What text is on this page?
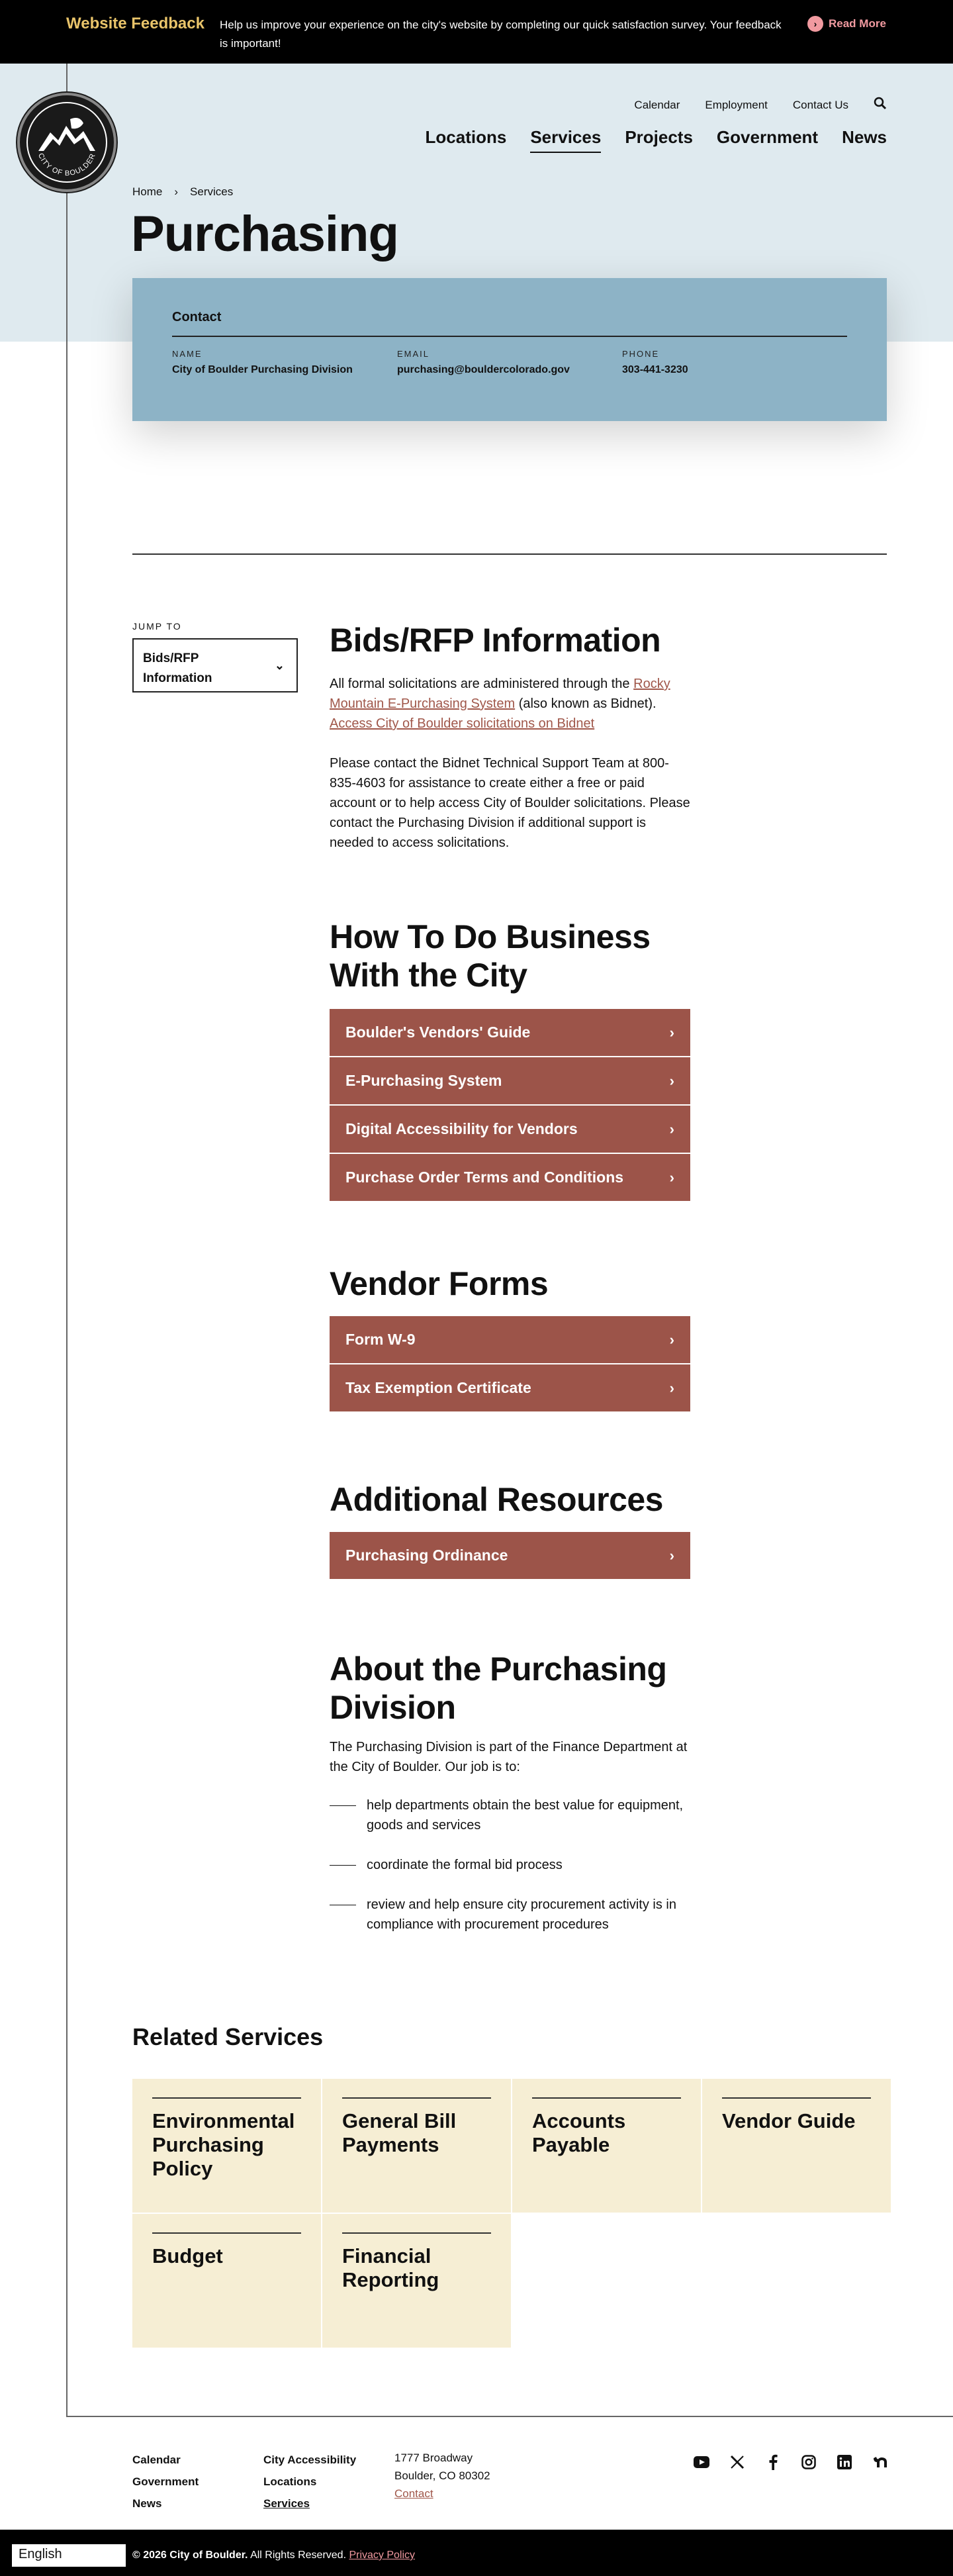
Website Feedback Help us improve your experience on the city's website by completing our quick satisfaction survey. Your feedback is important!
›	Read More
CITY OF BOULDER
Calendar Employment Contact Us
Locations Services Projects Government News
Home › Services
Purchasing
Contact
NAME
City of Boulder Purchasing Division
EMAIL
purchasing@bouldercolorado.gov
PHONE
303-441-3230
JUMP TO
Bids/RFP
Information
⌄
Bids/RFP Information

All formal solicitations are administered through the Rocky Mountain E-Purchasing System (also known as Bidnet).
Access City of Boulder solicitations on Bidnet

Please contact the Bidnet Technical Support Team at 800-835-4603 for assistance to create either a free or paid account or to help access City of Boulder solicitations. Please contact the Purchasing Division if additional support is needed to access solicitations.

How To Do Business With the City
Boulder's Vendors' Guide	›
E-Purchasing System	›
Digital Accessibility for Vendors	›
Purchase Order Terms and Conditions	›
Vendor Forms
Form W-9	›
Tax Exemption Certificate	›
Additional Resources
Purchasing Ordinance	›
About the Purchasing Division

The Purchasing Division is part of the Finance Department at the City of Boulder. Our job is to:

help departments obtain the best value for equipment, goods and services
coordinate the formal bid process
review and help ensure city procurement activity is in compliance with procurement procedures
Related Services
Environmental Purchasing Policy
General Bill Payments
Accounts Payable
Vendor Guide
Budget	Financial Reporting
Calendar
Government
News
City Accessibility
Locations
Services
1777 Broadway
Boulder, CO 80302
Contact
English	© 2026 City of Boulder. All Rights Reserved. Privacy Policy
